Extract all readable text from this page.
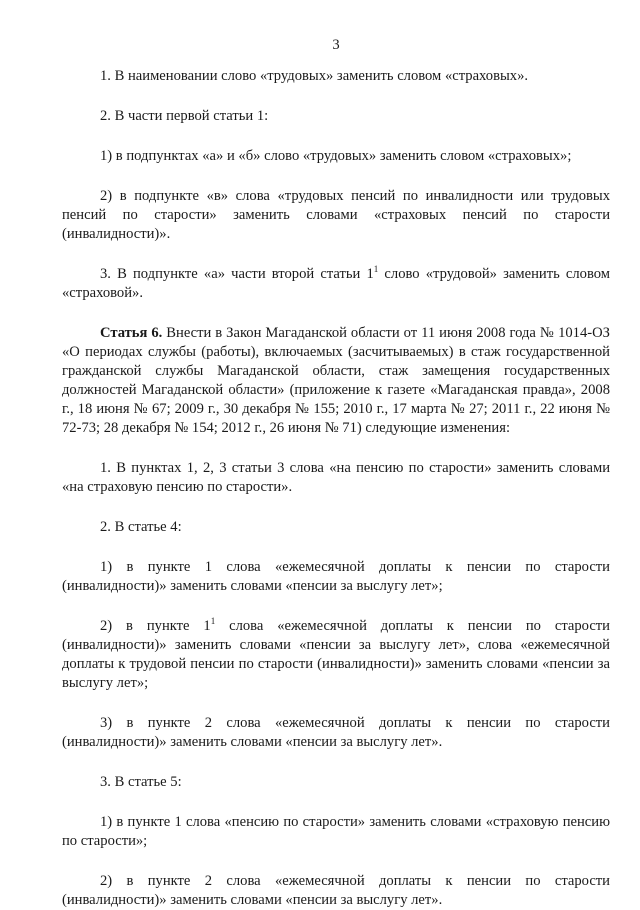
3

1. В наименовании слово «трудовых» заменить словом «страховых».

2. В части первой статьи 1:

1) в подпунктах «а» и «б» слово «трудовых» заменить словом «страховых»;

2) в подпункте «в» слова «трудовых пенсий по инвалидности или трудовых пенсий по старости» заменить словами «страховых пенсий по старости (инвалидности)».

3. В подпункте «а» части второй статьи $1^1$ слово «трудовой» заменить словом «страховой».

Статья 6. Внести в Закон Магаданской области от 11 июня 2008 года № 1014-ОЗ «О периодах службы (работы), включаемых (засчитываемых) в стаж государственной гражданской службы Магаданской области, стаж замещения государственных должностей Магаданской области» (приложение к газете «Магаданская правда», 2008 г., 18 июня № 67; 2009 г., 30 декабря № 155; 2010 г., 17 марта № 27; 2011 г., 22 июня № 72-73; 28 декабря № 154; 2012 г., 26 июня № 71) следующие изменения:

1. В пунктах 1, 2, 3 статьи 3 слова «на пенсию по старости» заменить словами «на страховую пенсию по старости».

2. В статье 4:

1) в пункте 1 слова «ежемесячной доплаты к пенсии по старости (инвалидности)» заменить словами «пенсии за выслугу лет»;

2) в пункте $1^1$ слова «ежемесячной доплаты к пенсии по старости (инвалидности)» заменить словами «пенсии за выслугу лет», слова «ежемесячной доплаты к трудовой пенсии по старости (инвалидности)» заменить словами «пенсии за выслугу лет»;

3) в пункте 2 слова «ежемесячной доплаты к пенсии по старости (инвалидности)» заменить словами «пенсии за выслугу лет».

3. В статье 5:

1) в пункте 1 слова «пенсию по старости» заменить словами «страховую пенсию по старости»;

2) в пункте 2 слова «ежемесячной доплаты к пенсии по старости (инвалидности)» заменить словами «пенсии за выслугу лет».
